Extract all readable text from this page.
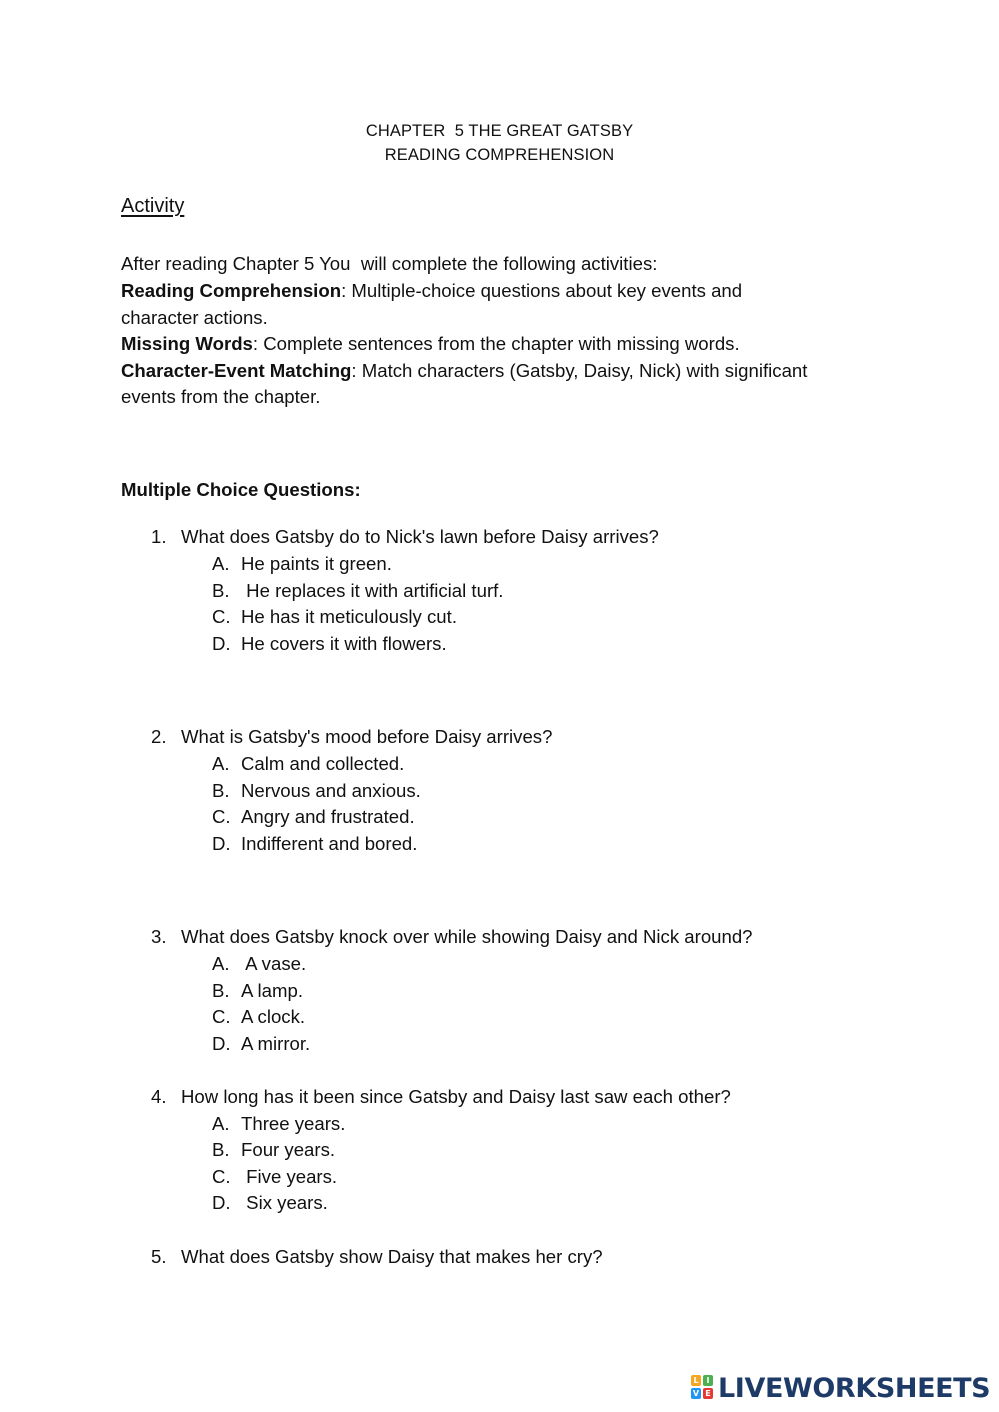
CHAPTER  5 THE GREAT GATSBY
READING COMPREHENSION
Activity
After reading Chapter 5 You  will complete the following activities:
Reading Comprehension: Multiple-choice questions about key events and
character actions.
Missing Words: Complete sentences from the chapter with missing words.
Character-Event Matching: Match characters (Gatsby, Daisy, Nick) with significant
events from the chapter.
Multiple Choice Questions:
1. What does Gatsby do to Nick's lawn before Daisy arrives?
A. He paints it green.
B. He replaces it with artificial turf.
C. He has it meticulously cut.
D. He covers it with flowers.
2. What is Gatsby's mood before Daisy arrives?
A. Calm and collected.
B. Nervous and anxious.
C. Angry and frustrated.
D. Indifferent and bored.
3. What does Gatsby knock over while showing Daisy and Nick around?
A. A vase.
B. A lamp.
C. A clock.
D. A mirror.
4. How long has it been since Gatsby and Daisy last saw each other?
A. Three years.
B. Four years.
C. Five years.
D. Six years.
5. What does Gatsby show Daisy that makes her cry?
L I
V E LIVEWORKSHEETS
